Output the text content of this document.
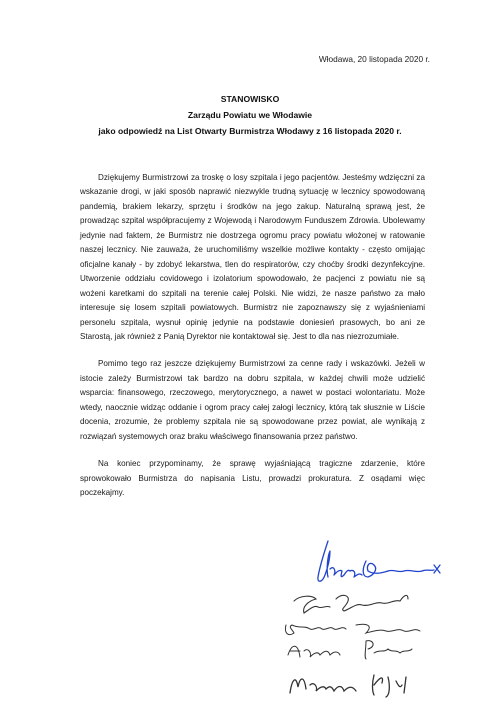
Włodawa, 20 listopada 2020 r.
STANOWISKO
Zarządu Powiatu we Włodawie
jako odpowiedź na List Otwarty Burmistrza Włodawy z 16 listopada 2020 r.

Dziękujemy Burmistrzowi za troskę o losy szpitala i jego pacjentów. Jesteśmy wdzięczni za wskazanie drogi, w jaki sposób naprawić niezwykle trudną sytuację w lecznicy spowodowaną pandemią, brakiem lekarzy, sprzętu i środków na jego zakup. Naturalną sprawą jest, że prowadząc szpital współpracujemy z Wojewodą i Narodowym Funduszem Zdrowia. Ubolewamy jedynie nad faktem, że Burmistrz nie dostrzega ogromu pracy powiatu włożonej w ratowanie naszej lecznicy. Nie zauważa, że uruchomiliśmy wszelkie możliwe kontakty - często omijając oficjalne kanały - by zdobyć lekarstwa, tlen do respiratorów, czy choćby środki dezynfekcyjne. Utworzenie oddziału covidowego i izolatorium spowodowało, że pacjenci z powiatu nie są wożeni karetkami do szpitali na terenie całej Polski. Nie widzi, że nasze państwo za mało interesuje się losem szpitali powiatowych. Burmistrz nie zapoznawszy się z wyjaśnieniami personelu szpitala, wysnuł opinię jedynie na podstawie doniesień prasowych, bo ani ze Starostą, jak również z Panią Dyrektor nie kontaktował się. Jest to dla nas niezrozumiałe.

Pomimo tego raz jeszcze dziękujemy Burmistrzowi za cenne rady i wskazówki. Jeżeli w istocie zależy Burmistrzowi tak bardzo na dobru szpitala, w każdej chwili może udzielić wsparcia: finansowego, rzeczowego, merytorycznego, a nawet w postaci wolontariatu. Może wtedy, naocznie widząc oddanie i ogrom pracy całej załogi lecznicy, którą tak słusznie w Liście docenia, zrozumie, że problemy szpitala nie są spowodowane przez powiat, ale wynikają z rozwiązań systemowych oraz braku właściwego finansowania przez państwo.

Na koniec przypominamy, że sprawę wyjaśniającą tragiczne zdarzenie, które sprowokowało Burmistrza do napisania Listu, prowadzi prokuratura. Z osądami więc poczekajmy.
